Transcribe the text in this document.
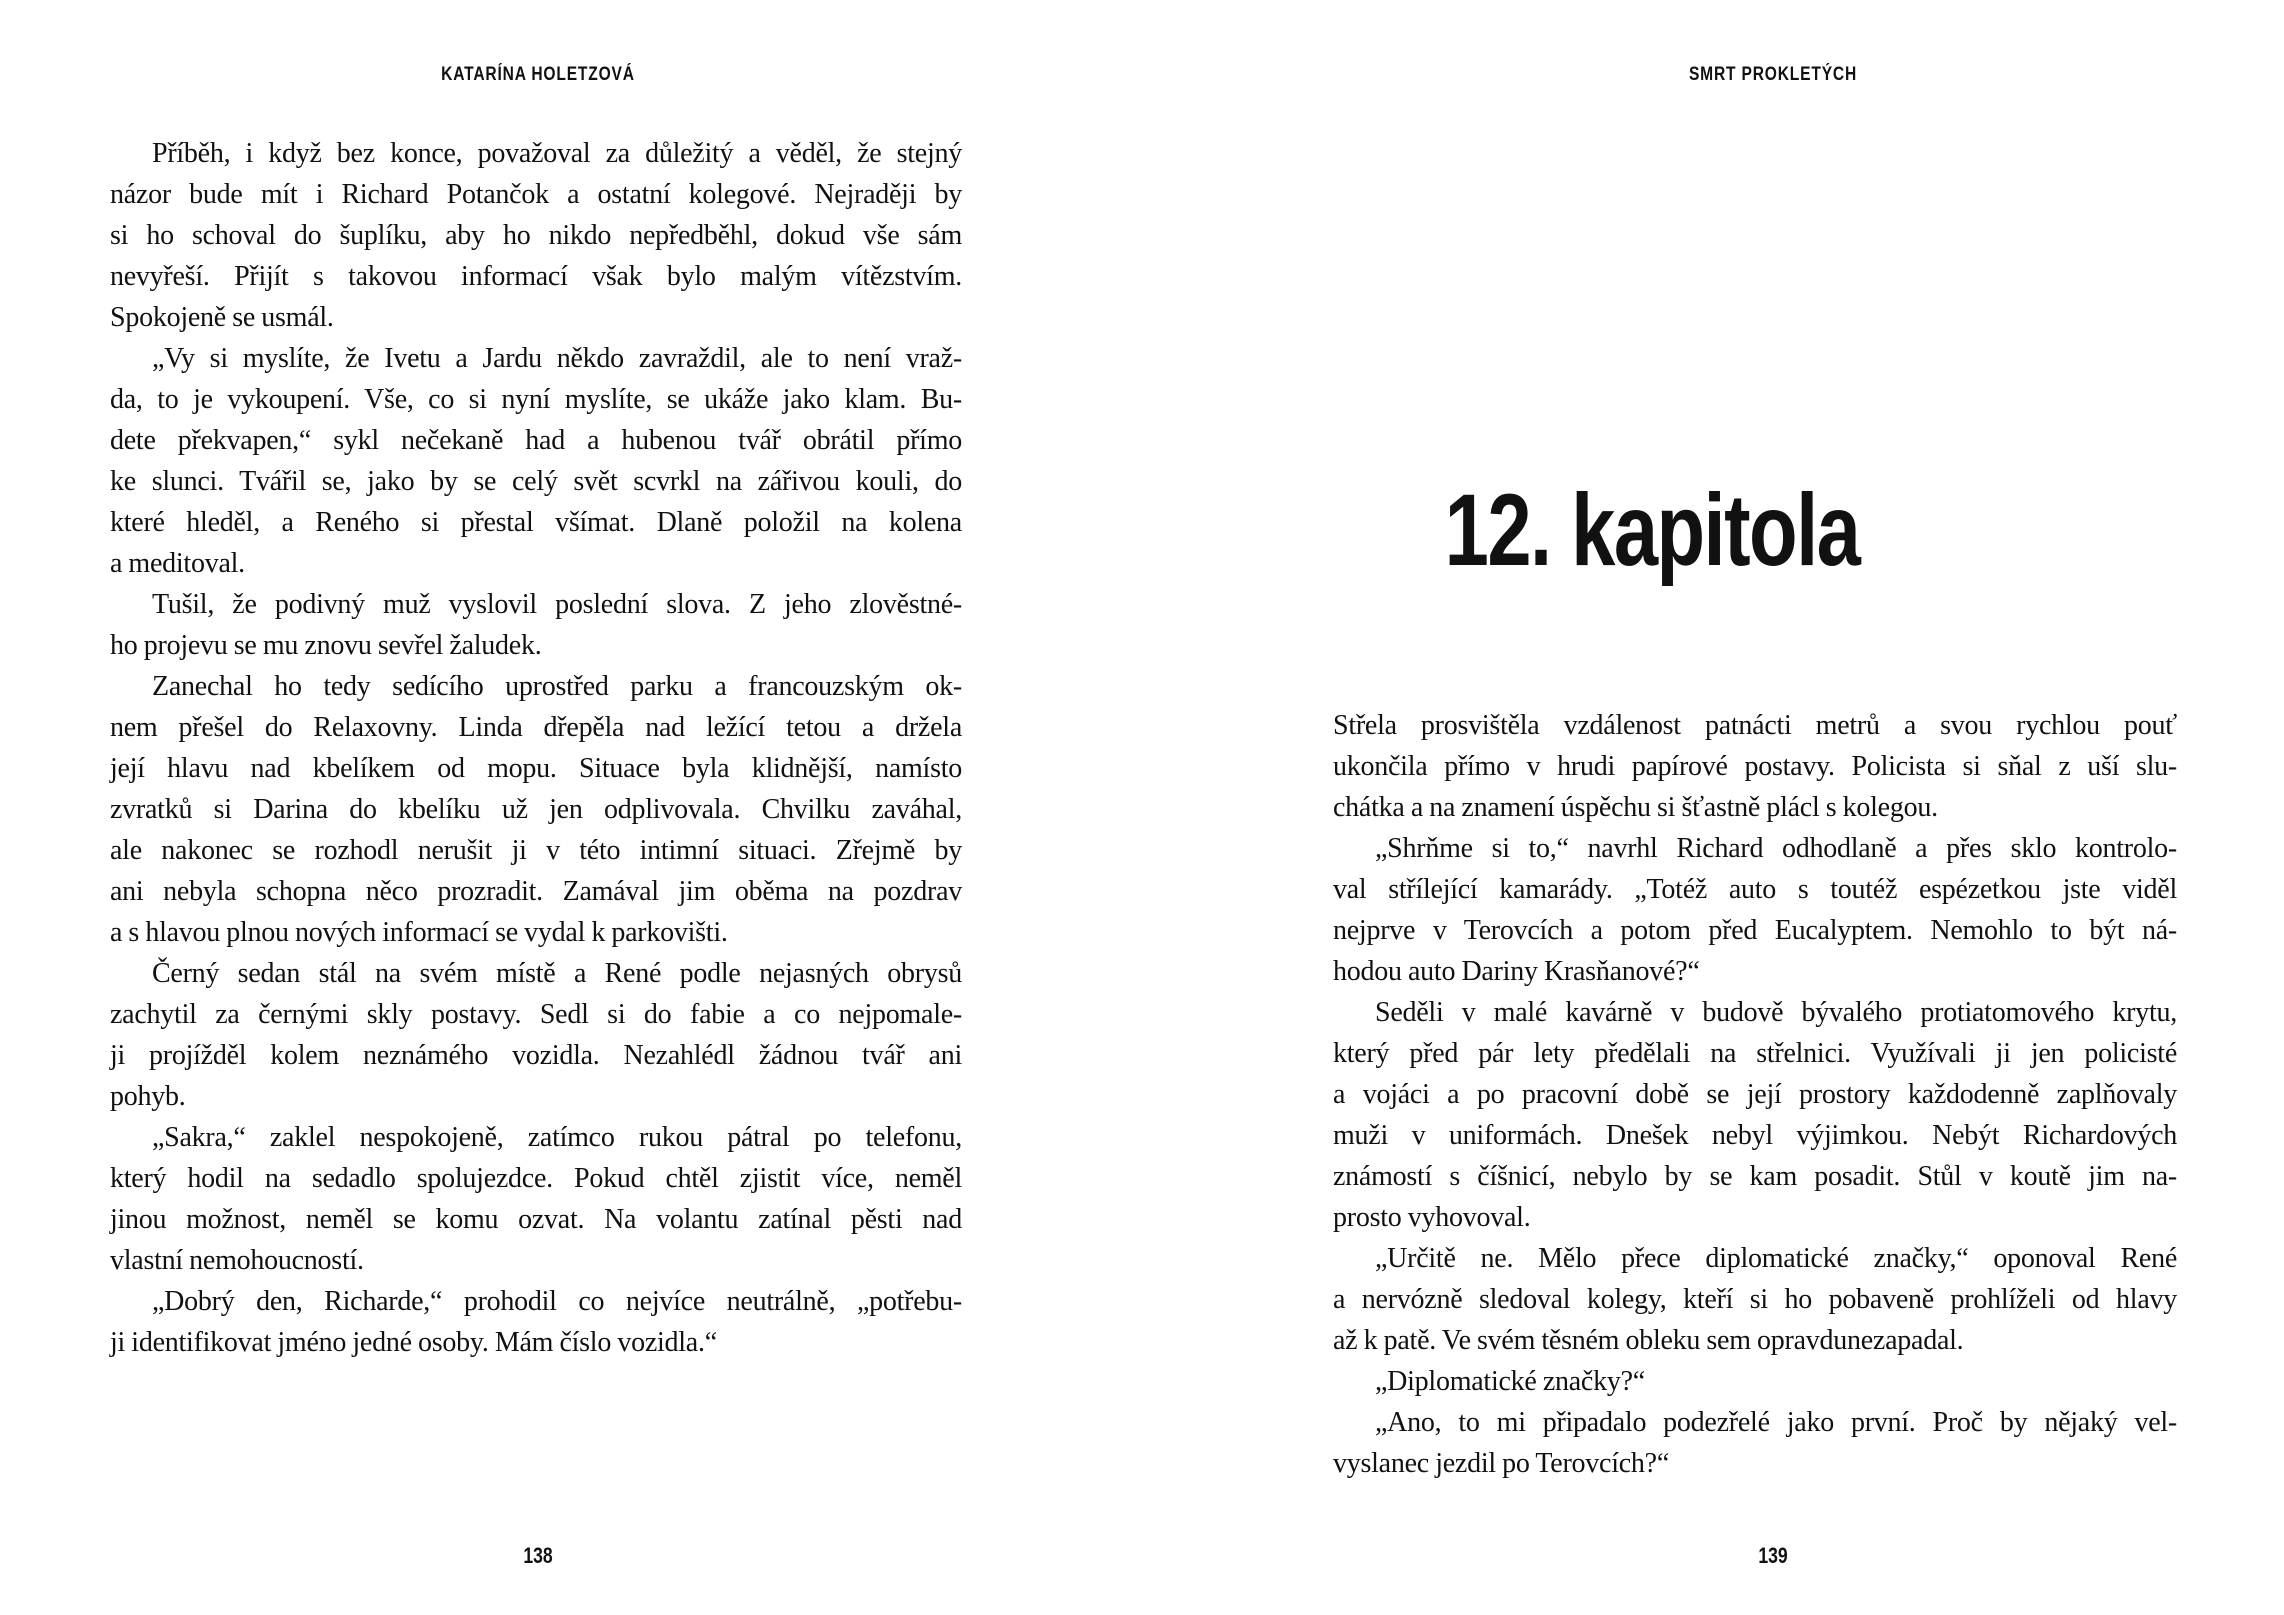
KATARÍNA HOLETZOVÁ
Příběh, i když bez konce, považoval za důležitý a věděl, že stejný
názor bude mít i Richard Potančok a ostatní kolegové. Nejraději by
si ho schoval do šuplíku, aby ho nikdo nepředběhl, dokud vše sám
nevyřeší. Přijít s takovou informací však bylo malým vítězstvím.
Spokojeně se usmál.
„Vy si myslíte, že Ivetu a Jardu někdo zavraždil, ale to není vraž-
da, to je vykoupení. Vše, co si nyní myslíte, se ukáže jako klam. Bu-
dete překvapen,“ sykl nečekaně had a hubenou tvář obrátil přímo
ke slunci. Tvářil se, jako by se celý svět scvrkl na zářivou kouli, do
které hleděl, a Reného si přestal všímat. Dlaně položil na kolena
a meditoval.
Tušil, že podivný muž vyslovil poslední slova. Z jeho zlověstné-
ho projevu se mu znovu sevřel žaludek.
Zanechal ho tedy sedícího uprostřed parku a francouzským ok-
nem přešel do Relaxovny. Linda dřepěla nad ležící tetou a držela
její hlavu nad kbelíkem od mopu. Situace byla klidnější, namísto
zvratků si Darina do kbelíku už jen odplivovala. Chvilku zaváhal,
ale nakonec se rozhodl nerušit ji v této intimní situaci. Zřejmě by
ani nebyla schopna něco prozradit. Zamával jim oběma na pozdrav
a s hlavou plnou nových informací se vydal k parkovišti.
Černý sedan stál na svém místě a René podle nejasných obrysů
zachytil za černými skly postavy. Sedl si do fabie a co nejpomale-
ji projížděl kolem neznámého vozidla. Nezahlédl žádnou tvář ani
pohyb.
„Sakra,“ zaklel nespokojeně, zatímco rukou pátral po telefonu,
který hodil na sedadlo spolujezdce. Pokud chtěl zjistit více, neměl
jinou možnost, neměl se komu ozvat. Na volantu zatínal pěsti nad
vlastní nemohoucností.
„Dobrý den, Richarde,“ prohodil co nejvíce neutrálně, „potřebu-
ji identifikovat jméno jedné osoby. Mám číslo vozidla.“
138
SMRT PROKLETÝCH
12. kapitola
Střela prosvištěla vzdálenost patnácti metrů a svou rychlou pouť
ukončila přímo v hrudi papírové postavy. Policista si sňal z uší slu-
chátka a na znamení úspěchu si šťastně plácl s kolegou.
„Shrňme si to,“ navrhl Richard odhodlaně a přes sklo kontrolo-
val střílející kamarády. „Totéž auto s toutéž espézetkou jste viděl
nejprve v Terovcích a potom před Eucalyptem. Nemohlo to být ná-
hodou auto Dariny Krasňanové?“
Seděli v malé kavárně v budově bývalého protiatomového krytu,
který před pár lety předělali na střelnici. Využívali ji jen policisté
a vojáci a po pracovní době se její prostory každodenně zaplňovaly
muži v uniformách. Dnešek nebyl výjimkou. Nebýt Richardových
známostí s číšnicí, nebylo by se kam posadit. Stůl v koutě jim na-
prosto vyhovoval.
„Určitě ne. Mělo přece diplomatické značky,“ oponoval René
a nervózně sledoval kolegy, kteří si ho pobaveně prohlíželi od hlavy
až k patě. Ve svém těsném obleku sem opravdunezapadal.
„Diplomatické značky?“
„Ano, to mi připadalo podezřelé jako první. Proč by nějaký vel-
vyslanec jezdil po Terovcích?“
139
